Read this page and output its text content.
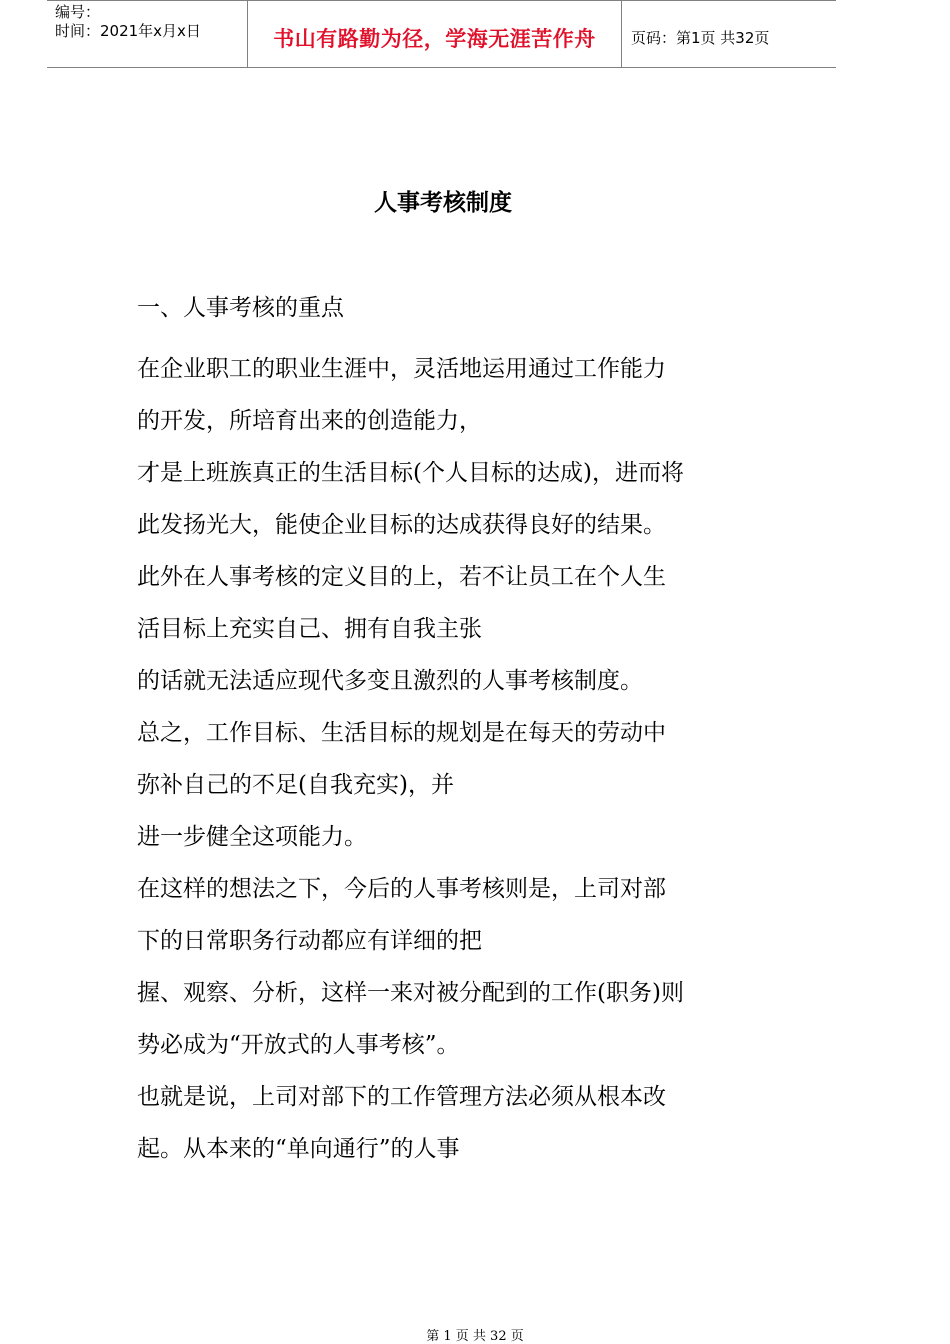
编号：
时间：2021年x月x日	书山有路勤为径，学海无涯苦作舟	页码：第1页 共32页
人事考核制度
一、人事考核的重点
在企业职工的职业生涯中，灵活地运用通过工作能力
的开发，所培育出来的创造能力，
才是上班族真正的生活目标(个人目标的达成)，进而将
此发扬光大，能使企业目标的达成获得良好的结果。
此外在人事考核的定义目的上，若不让员工在个人生
活目标上充实自己、拥有自我主张
的话就无法适应现代多变且激烈的人事考核制度。
总之，工作目标、生活目标的规划是在每天的劳动中
弥补自己的不足(自我充实)，并
进一步健全这项能力。
在这样的想法之下，今后的人事考核则是，上司对部
下的日常职务行动都应有详细的把
握、观察、分析，这样一来对被分配到的工作(职务)则
势必成为“开放式的人事考核”。
也就是说，上司对部下的工作管理方法必须从根本改
起。从本来的“单向通行”的人事
第 1 页 共 32 页
